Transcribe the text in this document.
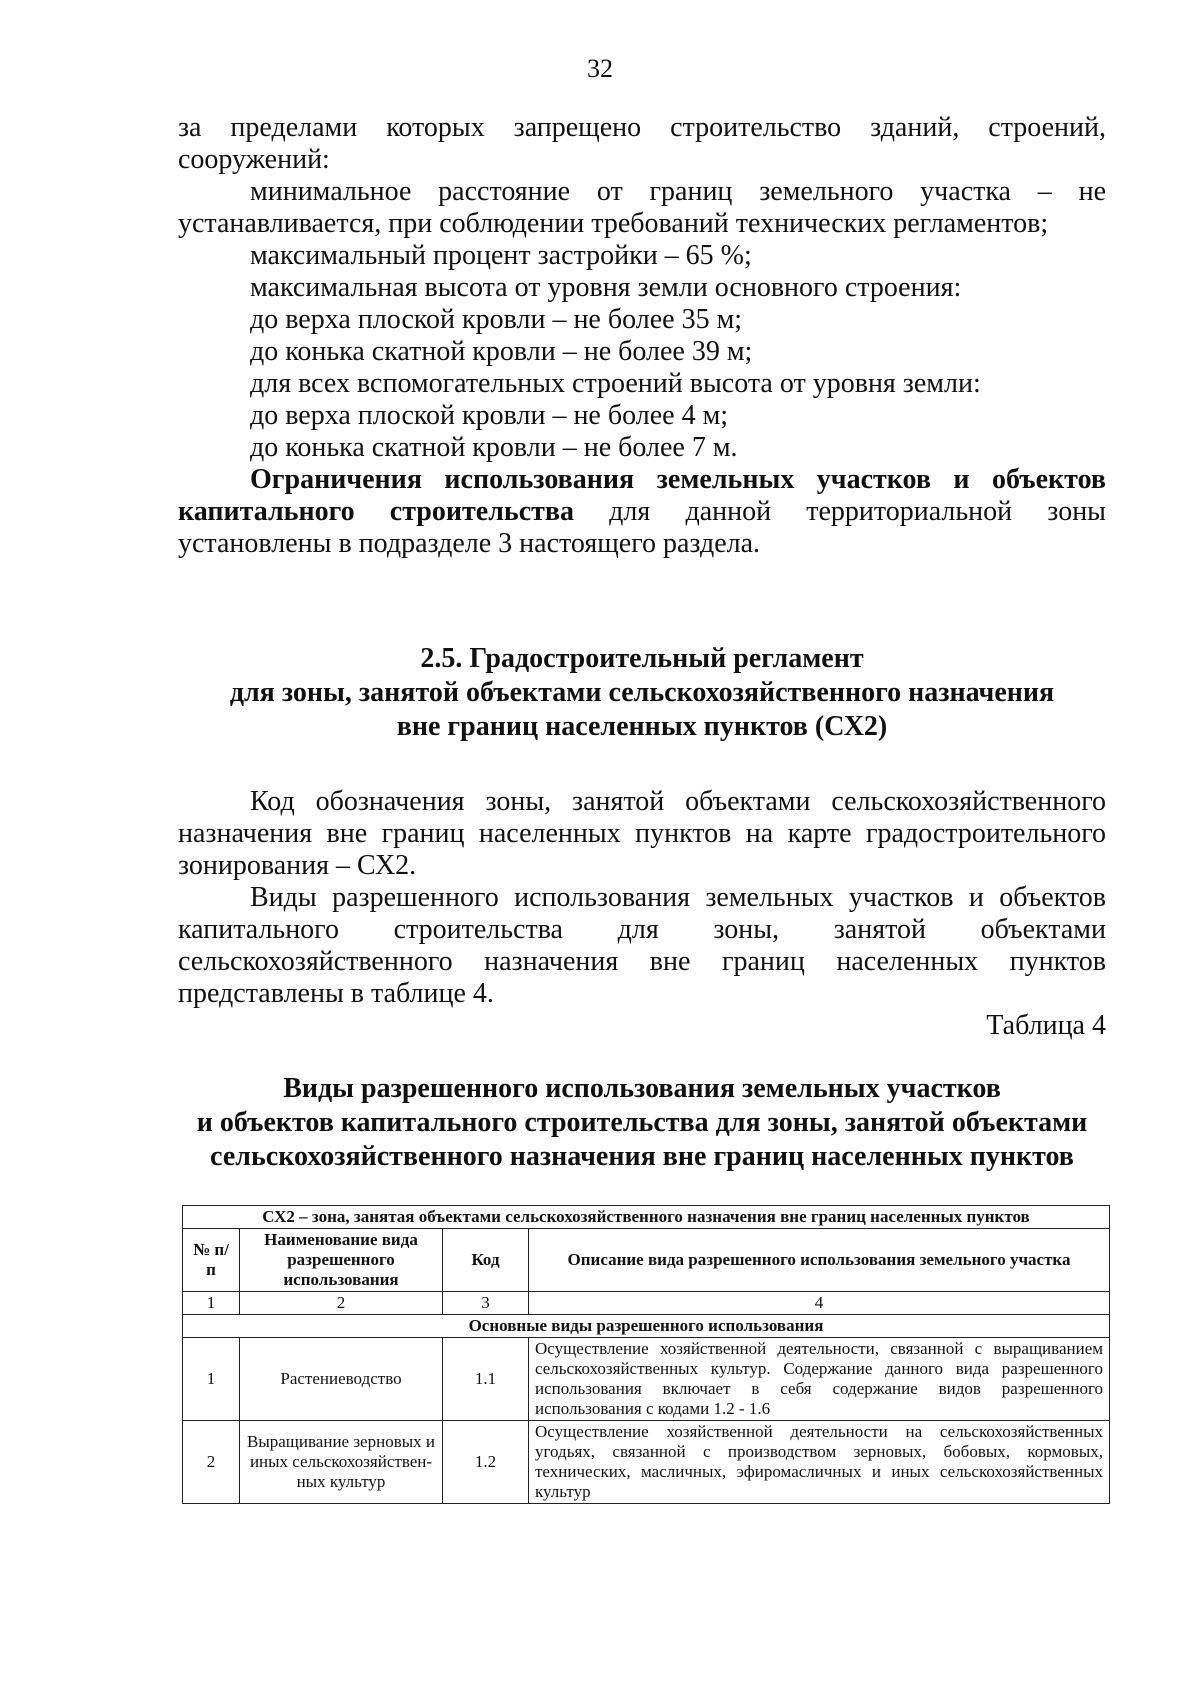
32

за пределами которых запрещено строительство зданий, строений, сооружений:

минимальное расстояние от границ земельного участка – не устанавливается, при соблюдении требований технических регламентов;

максимальный процент застройки – 65 %;

максимальная высота от уровня земли основного строения:

до верха плоской кровли – не более 35 м;

до конька скатной кровли – не более 39 м;

для всех вспомогательных строений высота от уровня земли:

до верха плоской кровли – не более 4 м;

до конька скатной кровли – не более 7 м.

Ограничения использования земельных участков и объектов капитального строительства для данной территориальной зоны установлены в подразделе 3 настоящего раздела.

2.5. Градостроительный регламент
для зоны, занятой объектами сельскохозяйственного назначения
вне границ населенных пунктов (СХ2)

Код обозначения зоны, занятой объектами сельскохозяйственного назначения вне границ населенных пунктов на карте градостроительного зонирования – СХ2.

Виды разрешенного использования земельных участков и объектов капитального строительства для зоны, занятой объектами сельскохозяйственного назначения вне границ населенных пунктов представлены в таблице 4.

Таблица 4

Виды разрешенного использования земельных участков
и объектов капитального строительства для зоны, занятой объектами
сельскохозяйственного назначения вне границ населенных пунктов
СХ2 – зона, занятая объектами сельскохозяйственного назначения вне границ населенных пунктов			
№ п/п	Наименование вида разрешенного использования	Код	Описание вида разрешенного использования земельного участка
1	2	3	4
Основные виды разрешенного использования			
1	Растениеводство	1.1	Осуществление хозяйственной деятельности, связанной с выращиванием сельскохозяйственных культур. Содержание данного вида разрешенного использования включает в себя содержание видов разрешенного использования с кодами 1.2 - 1.6
2	Выращивание зерновых и иных сельскохозяйствен-ных культур	1.2	Осуществление хозяйственной деятельности на сельскохозяйственных угодьях, связанной с производством зерновых, бобовых, кормовых, технических, масличных, эфиромасличных и иных сельскохозяйственных культур
